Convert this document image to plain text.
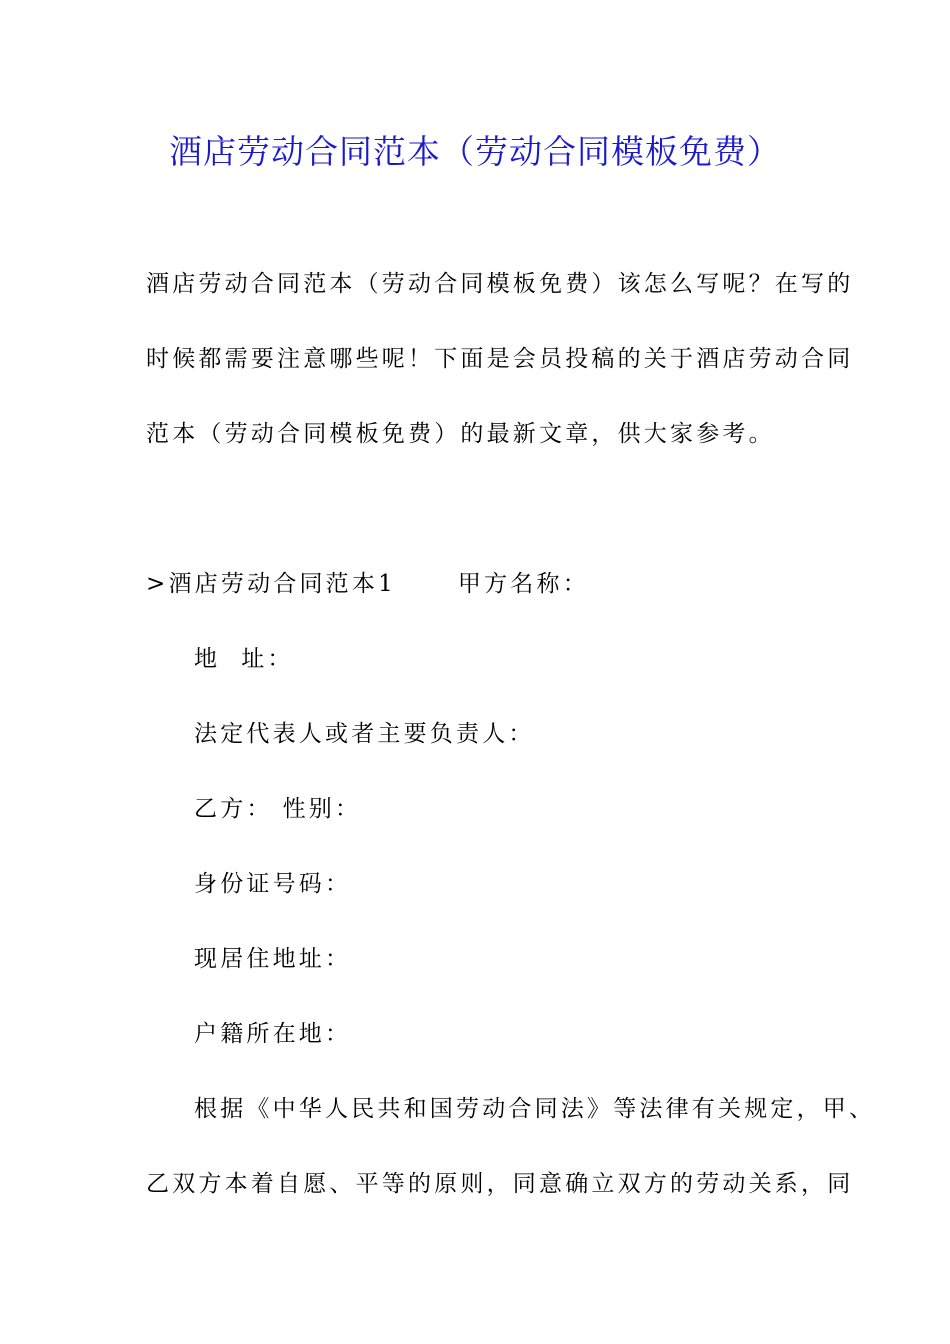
酒店劳动合同范本（劳动合同模板免费）
酒店劳动合同范本（劳动合同模板免费）该怎么写呢？在写的
时候都需要注意哪些呢！下面是会员投稿的关于酒店劳动合同
范本（劳动合同模板免费）的最新文章，供大家参考。
>酒店劳动合同范本1	甲方名称：
地  址：
法定代表人或者主要负责人：
乙方： 性别：
身份证号码：
现居住地址：
户籍所在地：
根据《中华人民共和国劳动合同法》等法律有关规定，甲、
乙双方本着自愿、平等的原则，同意确立双方的劳动关系，同
